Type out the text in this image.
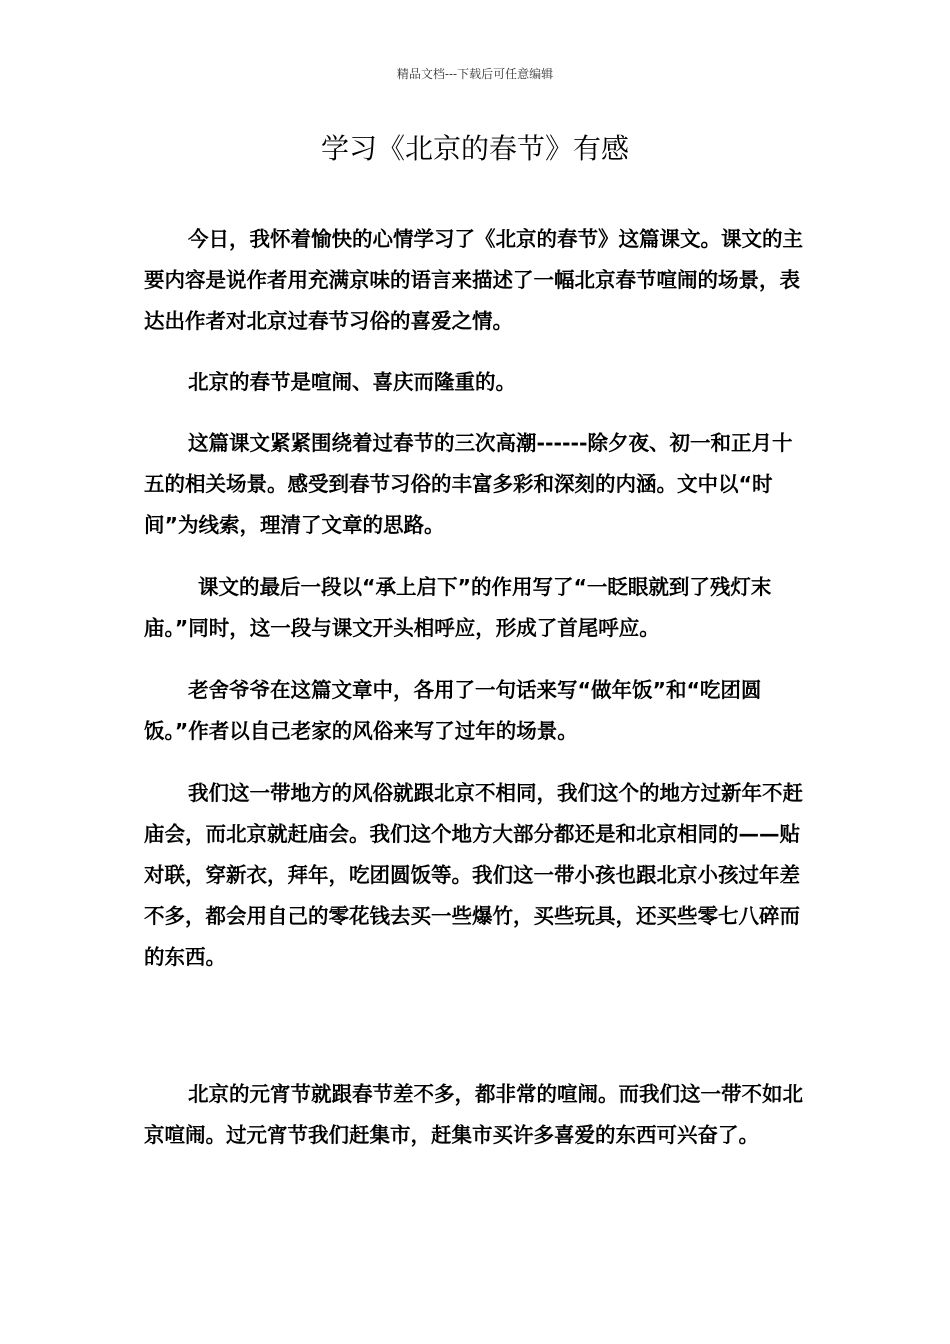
精品文档---下载后可任意编辑
学习《北京的春节》有感

今日，我怀着愉快的心情学习了《北京的春节》这篇课文。课文的主要内容是说作者用充满京味的语言来描述了一幅北京春节喧闹的场景，表达出作者对北京过春节习俗的喜爱之情。

北京的春节是喧闹、喜庆而隆重的。

这篇课文紧紧围绕着过春节的三次高潮------除夕夜、初一和正月十五的相关场景。感受到春节习俗的丰富多彩和深刻的内涵。文中以“时间”为线索，理清了文章的思路。

课文的最后一段以“承上启下”的作用写了“一眨眼就到了残灯末庙。”同时，这一段与课文开头相呼应，形成了首尾呼应。

老舍爷爷在这篇文章中，各用了一句话来写“做年饭”和“吃团圆饭。”作者以自己老家的风俗来写了过年的场景。

我们这一带地方的风俗就跟北京不相同，我们这个的地方过新年不赶庙会，而北京就赶庙会。我们这个地方大部分都还是和北京相同的——贴对联，穿新衣，拜年，吃团圆饭等。我们这一带小孩也跟北京小孩过年差不多，都会用自己的零花钱去买一些爆竹，买些玩具，还买些零七八碎而的东西。

北京的元宵节就跟春节差不多，都非常的喧闹。而我们这一带不如北京喧闹。过元宵节我们赶集市，赶集市买许多喜爱的东西可兴奋了。
